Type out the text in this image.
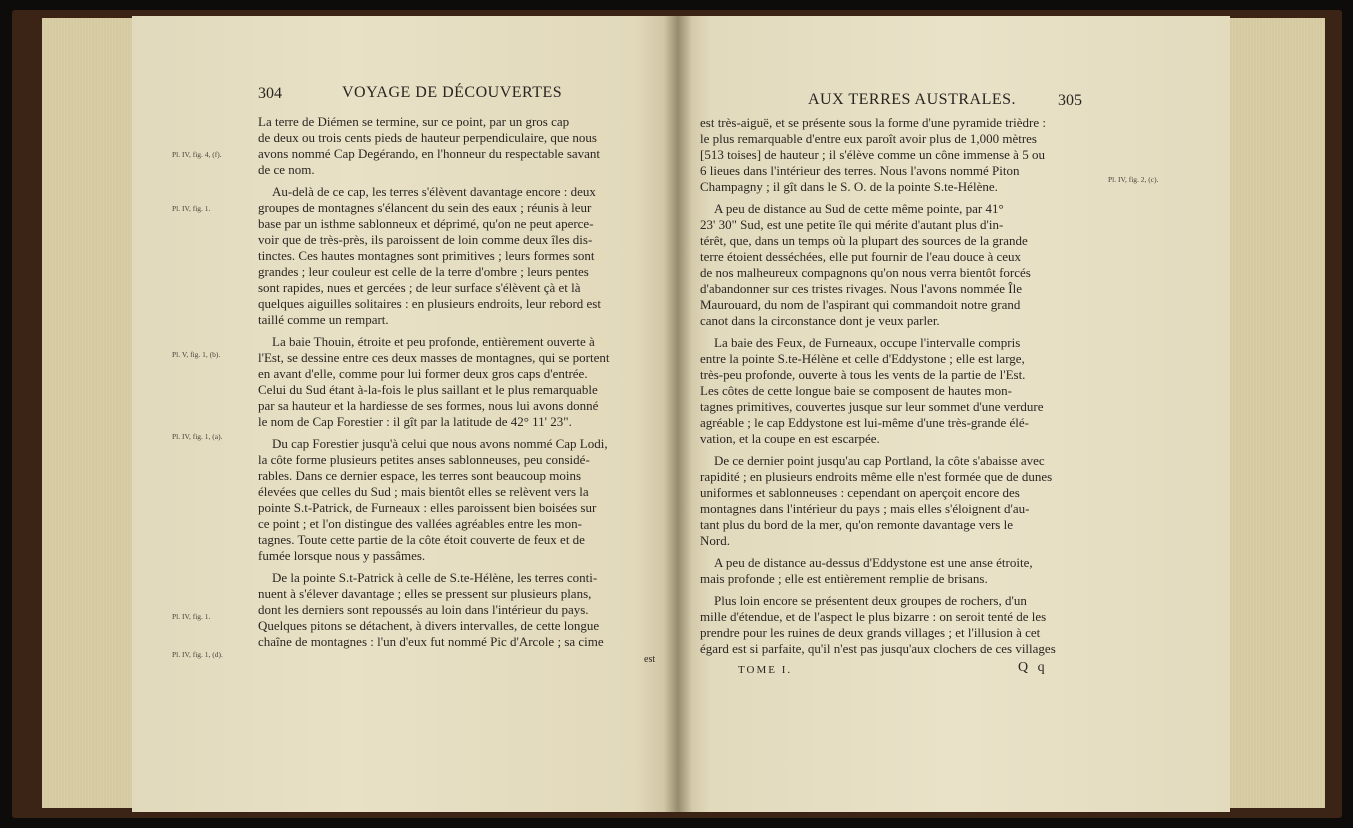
304	VOYAGE DE DÉCOUVERTES
La terre de Diémen se termine, sur ce point, par un gros cap
de deux ou trois cents pieds de hauteur perpendiculaire, que nous
avons nommé Cap Degérando, en l'honneur du respectable savant
de ce nom.
Au-delà de ce cap, les terres s'élèvent davantage encore : deux
groupes de montagnes s'élancent du sein des eaux ; réunis à leur
base par un isthme sablonneux et déprimé, qu'on ne peut aperce-
voir que de très-près, ils paroissent de loin comme deux îles dis-
tinctes. Ces hautes montagnes sont primitives ; leurs formes sont
grandes ; leur couleur est celle de la terre d'ombre ; leurs pentes
sont rapides, nues et gercées ; de leur surface s'élèvent çà et là
quelques aiguilles solitaires : en plusieurs endroits, leur rebord est
taillé comme un rempart.
La baie Thouin, étroite et peu profonde, entièrement ouverte à
l'Est, se dessine entre ces deux masses de montagnes, qui se portent
en avant d'elle, comme pour lui former deux gros caps d'entrée.
Celui du Sud étant à-la-fois le plus saillant et le plus remarquable
par sa hauteur et la hardiesse de ses formes, nous lui avons donné
le nom de Cap Forestier : il gît par la latitude de 42° 11' 23".
Du cap Forestier jusqu'à celui que nous avons nommé Cap Lodi,
la côte forme plusieurs petites anses sablonneuses, peu considé-
rables. Dans ce dernier espace, les terres sont beaucoup moins
élevées que celles du Sud ; mais bientôt elles se relèvent vers la
pointe S.t-Patrick, de Furneaux : elles paroissent bien boisées sur
ce point ; et l'on distingue des vallées agréables entre les mon-
tagnes. Toute cette partie de la côte étoit couverte de feux et de
fumée lorsque nous y passâmes.
De la pointe S.t-Patrick à celle de S.te-Hélène, les terres conti-
nuent à s'élever davantage ; elles se pressent sur plusieurs plans,
dont les derniers sont repoussés au loin dans l'intérieur du pays.
Quelques pitons se détachent, à divers intervalles, de cette longue
chaîne de montagnes : l'un d'eux fut nommé Pic d'Arcole ; sa cime
est
Pl. IV, fig. 4, (f).
Pl. IV, fig. 1.
Pl. V, fig. 1, (b).
Pl. IV, fig. 1, (a).
Pl. IV, fig. 1.
Pl. IV, fig. 1, (d).
AUX TERRES AUSTRALES.	305
est très-aiguë, et se présente sous la forme d'une pyramide trièdre :
le plus remarquable d'entre eux paroît avoir plus de 1,000 mètres
[513 toises] de hauteur ; il s'élève comme un cône immense à 5 ou
6 lieues dans l'intérieur des terres. Nous l'avons nommé Piton
Champagny ; il gît dans le S. O. de la pointe S.te-Hélène.
A peu de distance au Sud de cette même pointe, par 41°
23' 30" Sud, est une petite île qui mérite d'autant plus d'in-
térêt, que, dans un temps où la plupart des sources de la grande
terre étoient desséchées, elle put fournir de l'eau douce à ceux
de nos malheureux compagnons qu'on nous verra bientôt forcés
d'abandonner sur ces tristes rivages. Nous l'avons nommée Île
Maurouard, du nom de l'aspirant qui commandoit notre grand
canot dans la circonstance dont je veux parler.
La baie des Feux, de Furneaux, occupe l'intervalle compris
entre la pointe S.te-Hélène et celle d'Eddystone ; elle est large,
très-peu profonde, ouverte à tous les vents de la partie de l'Est.
Les côtes de cette longue baie se composent de hautes mon-
tagnes primitives, couvertes jusque sur leur sommet d'une verdure
agréable ; le cap Eddystone est lui-même d'une très-grande élé-
vation, et la coupe en est escarpée.
De ce dernier point jusqu'au cap Portland, la côte s'abaisse avec
rapidité ; en plusieurs endroits même elle n'est formée que de dunes
uniformes et sablonneuses : cependant on aperçoit encore des
montagnes dans l'intérieur du pays ; mais elles s'éloignent d'au-
tant plus du bord de la mer, qu'on remonte davantage vers le
Nord.
A peu de distance au-dessus d'Eddystone est une anse étroite,
mais profonde ; elle est entièrement remplie de brisans.
Plus loin encore se présentent deux groupes de rochers, d'un
mille d'étendue, et de l'aspect le plus bizarre : on seroit tenté de les
prendre pour les ruines de deux grands villages ; et l'illusion à cet
égard est si parfaite, qu'il n'est pas jusqu'aux clochers de ces villages
TOME I.	Q q
Pl. IV, fig. 2, (c).
